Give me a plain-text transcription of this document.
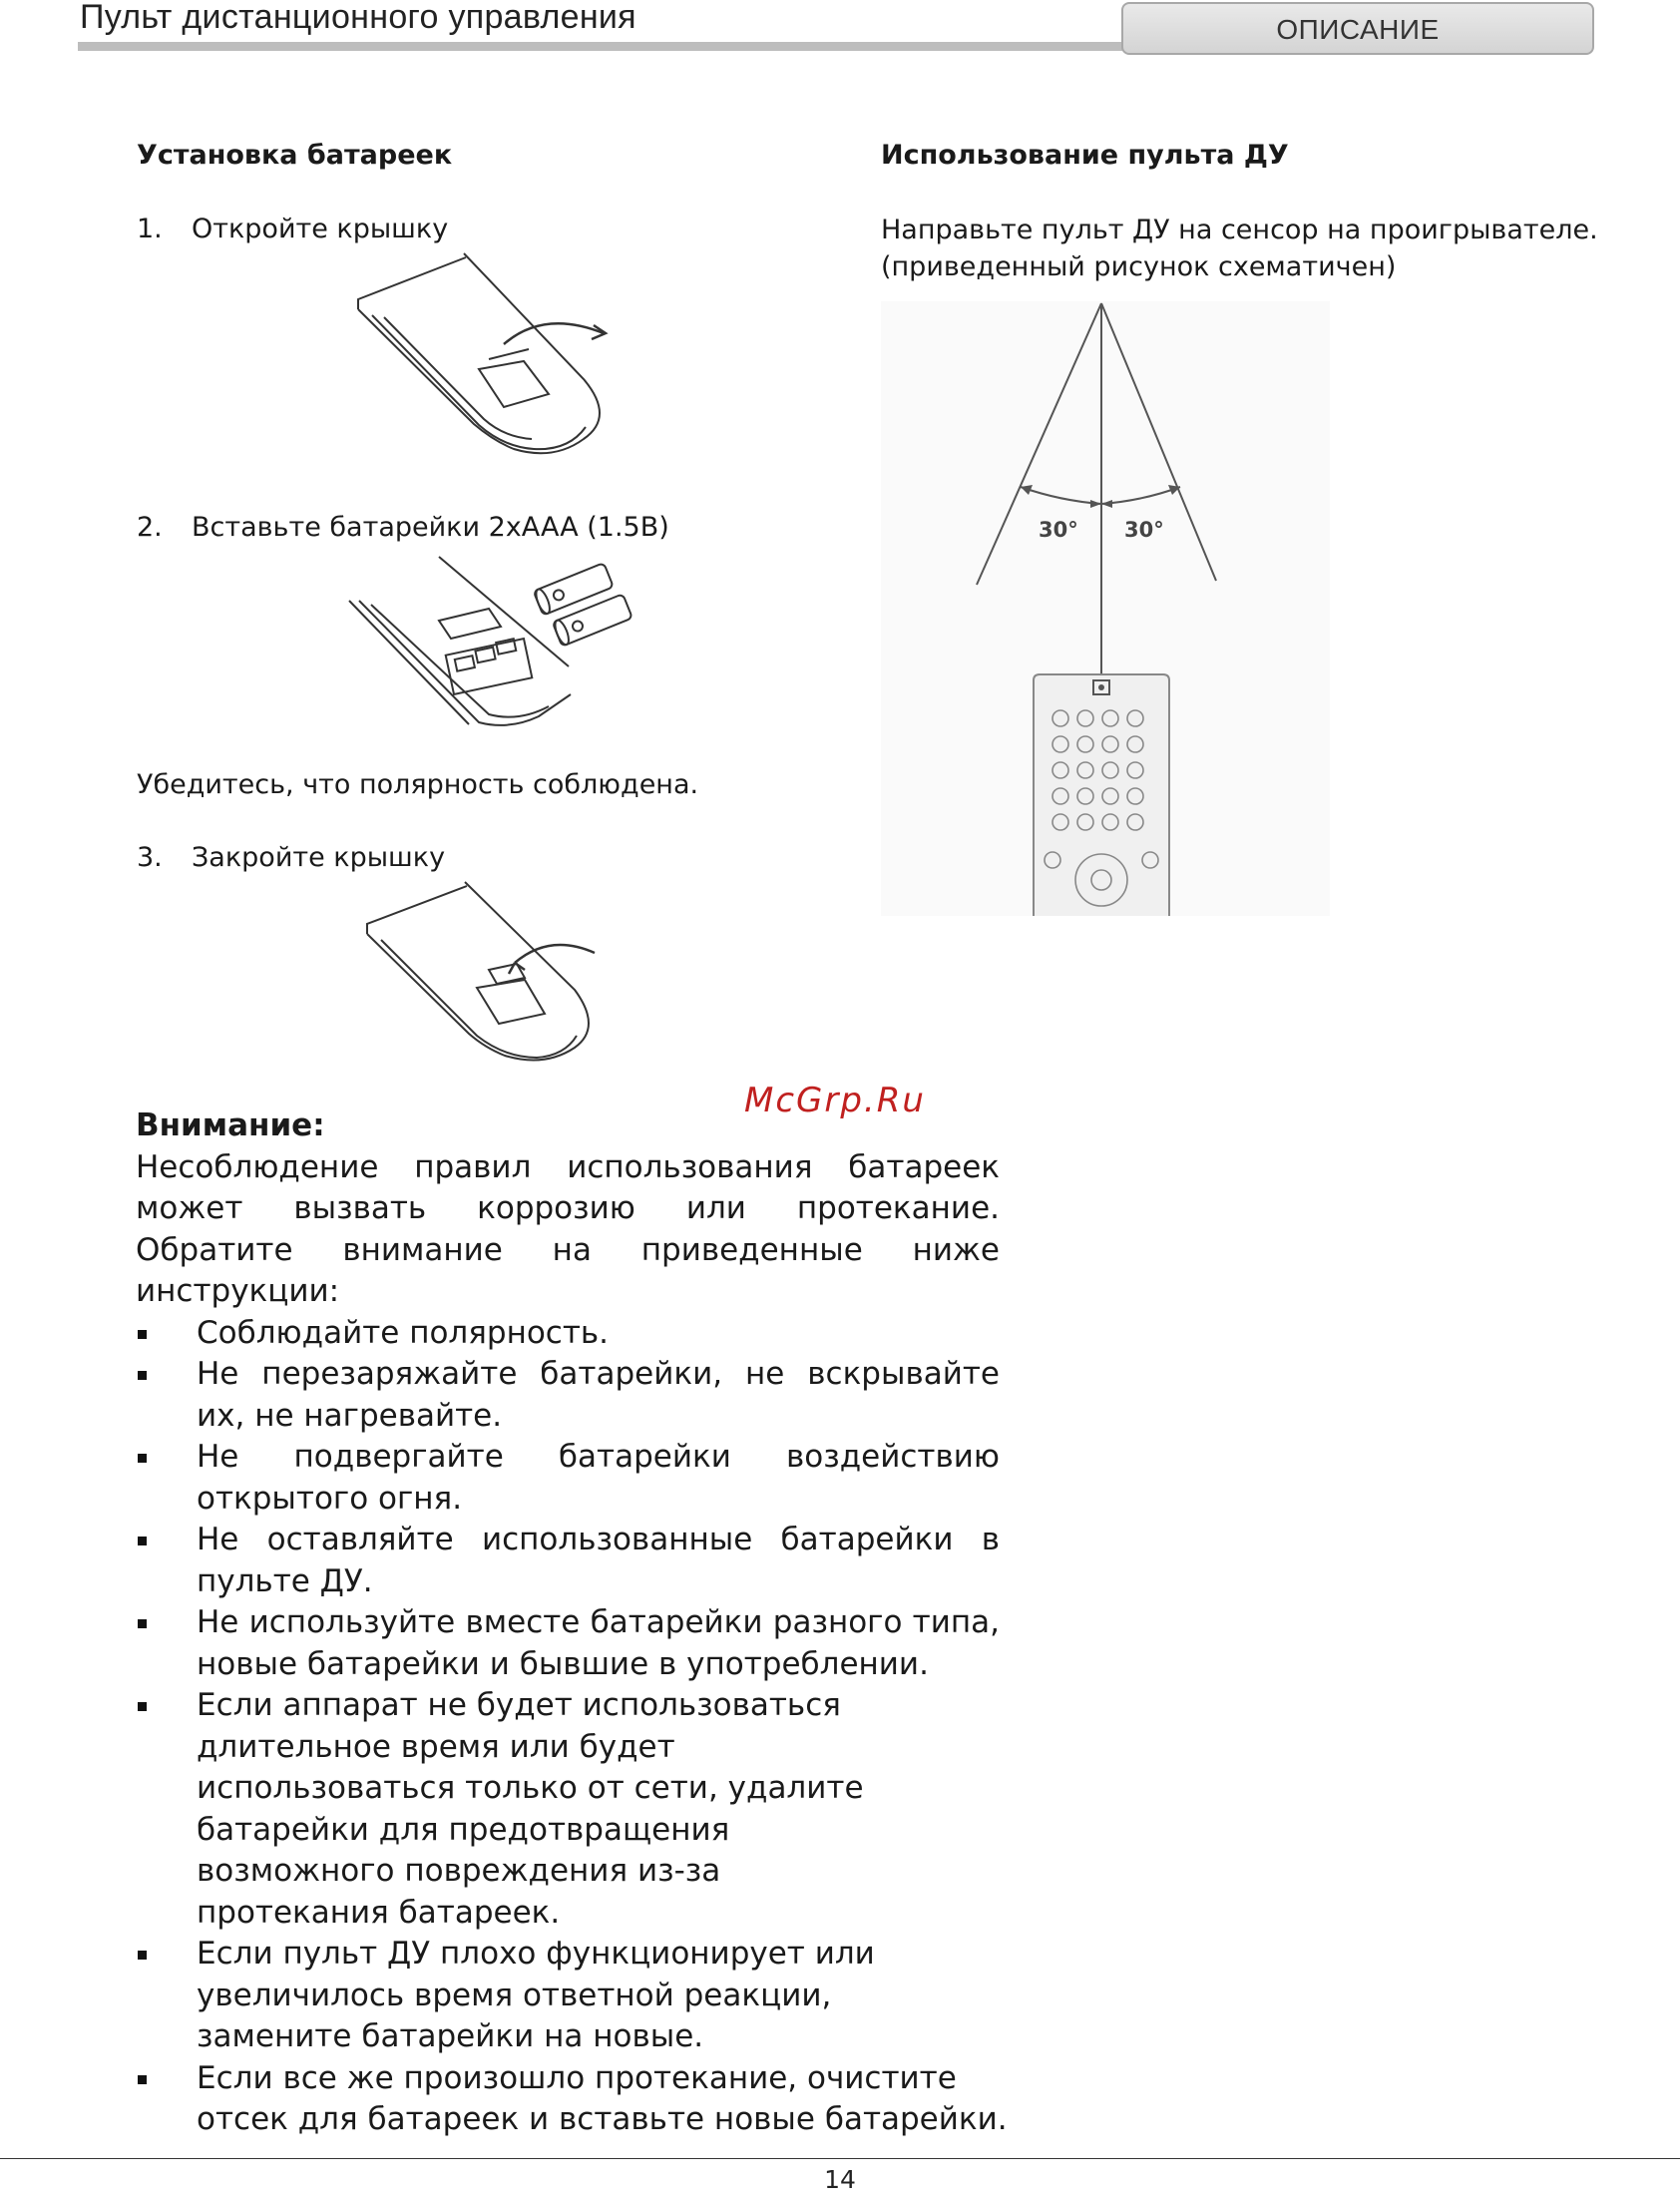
Пульт дистанционного управления	ОПИСАНИЕ
Установка батареек
1. Откройте крышку
2. Вставьте батарейки 2xAAA (1.5В)
Убедитесь, что полярность соблюдена.
3. Закройте крышку
Использование пульта ДУ
Направьте пульт ДУ на сенсор на проигрывателе.
(приведенный рисунок схематичен)
30° 30°
McGrp.Ru
Внимание:
Несоблюдение правил использования батареек может вызвать коррозию или протекание. Обратите внимание на приведенные ниже инструкции:
Соблюдайте полярность.
Не перезаряжайте батарейки, не вскрывайте их, не нагревайте.
Не подвергайте батарейки воздействию открытого огня.
Не оставляйте использованные батарейки в пульте ДУ.
Не используйте вместе батарейки разного типа, новые батарейки и бывшие в употреблении.
Если аппарат не будет использоваться длительное время или будет использоваться только от сети, удалите батарейки для предотвращения возможного повреждения из-за протекания батареек.
Если пульт ДУ плохо функционирует или увеличилось время ответной реакции, замените батарейки на новые.
Если все же произошло протекание, очистите отсек для батареек и вставьте новые батарейки.
14
